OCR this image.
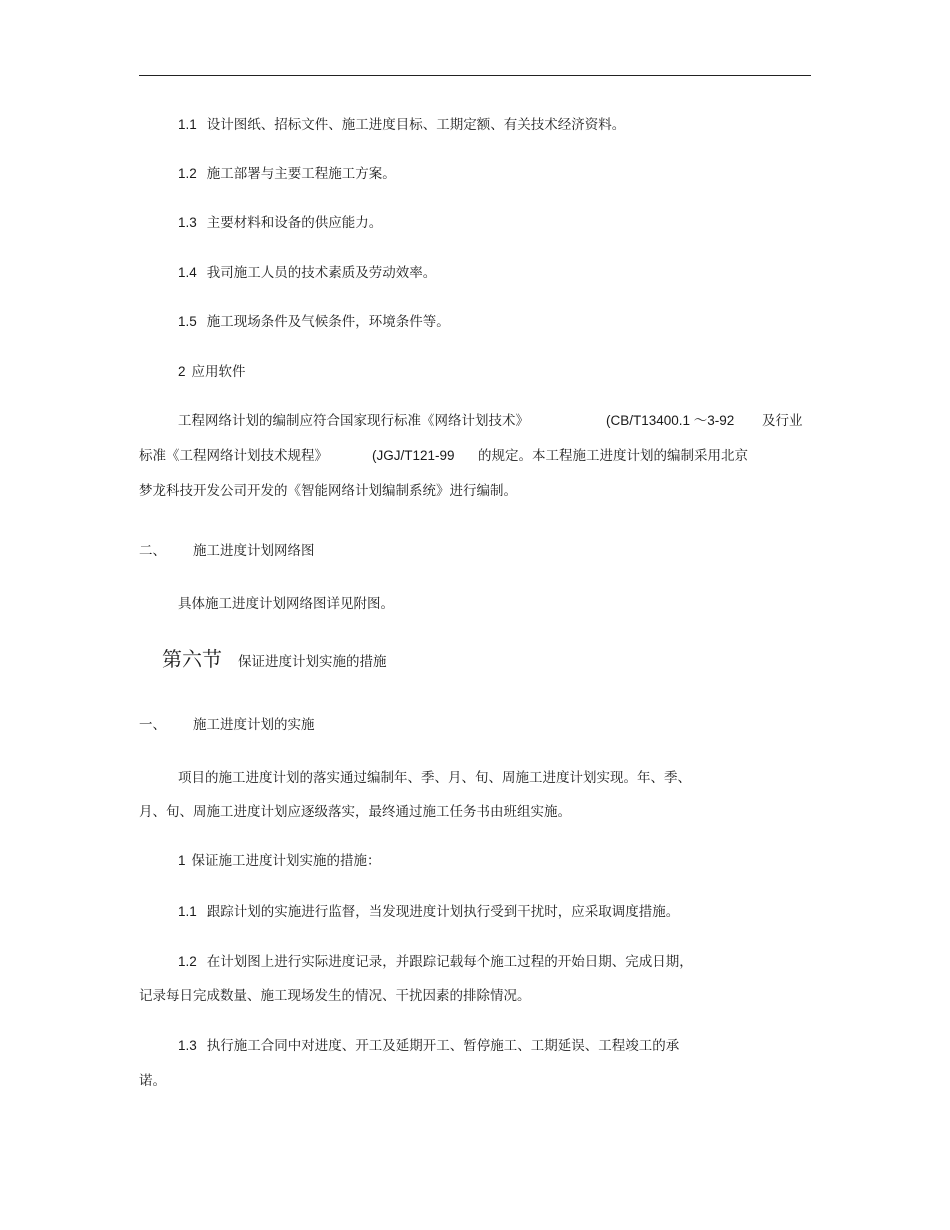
1.1 设计图纸、招标文件、施工进度目标、工期定额、有关技术经济资料。
1.2 施工部署与主要工程施工方案。
1.3 主要材料和设备的供应能力。
1.4 我司施工人员的技术素质及劳动效率。
1.5 施工现场条件及气候条件，环境条件等。
2 应用软件
工程网络计划的编制应符合国家现行标准《网络计划技术》	(CB/T13400.1 ～3-92 及行业
标准《工程网络计划技术规程》	(JGJ/T121-99 的规定。本工程施工进度计划的编制采用北京
梦龙科技开发公司开发的《智能网络计划编制系统》进行编制。
二、 施工进度计划网络图
具体施工进度计划网络图详见附图。
第六节 保证进度计划实施的措施
一、 施工进度计划的实施
项目的施工进度计划的落实通过编制年、季、月、旬、周施工进度计划实现。年、季、
月、旬、周施工进度计划应逐级落实，最终通过施工任务书由班组实施。
1 保证施工进度计划实施的措施：
1.1 跟踪计划的实施进行监督，当发现进度计划执行受到干扰时，应采取调度措施。
1.2 在计划图上进行实际进度记录，并跟踪记载每个施工过程的开始日期、完成日期，
记录每日完成数量、施工现场发生的情况、干扰因素的排除情况。
1.3 执行施工合同中对进度、开工及延期开工、暂停施工、工期延误、工程竣工的承
诺。
